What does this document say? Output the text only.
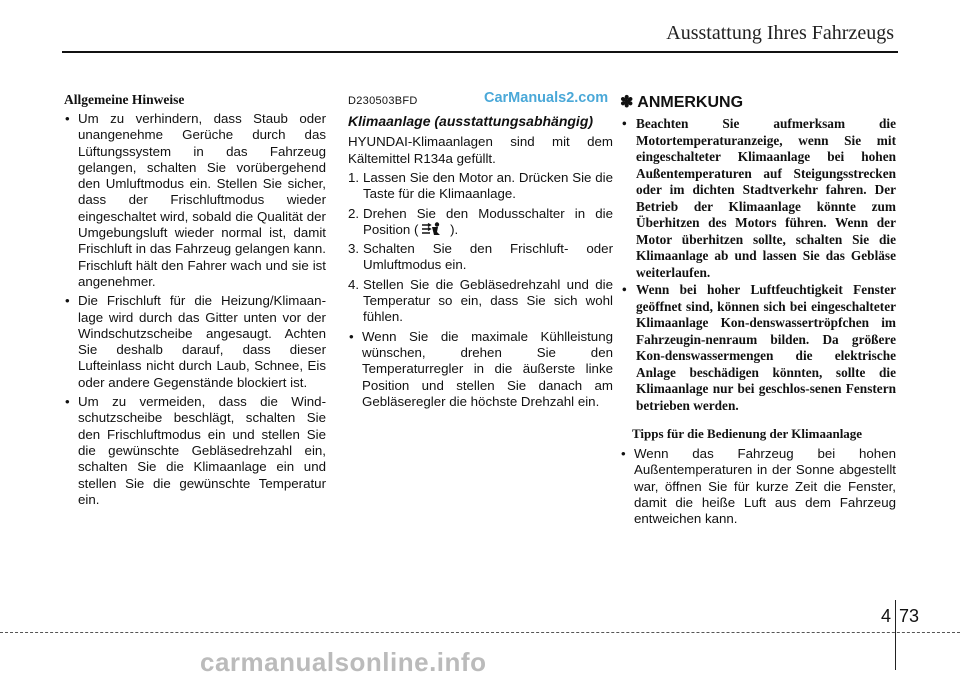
Ausstattung Ihres Fahrzeugs
Allgemeine Hinweise
• Um zu verhindern, dass Staub oder unangenehme Gerüche durch das Lüftungssystem in das Fahrzeug gelangen, schalten Sie vorübergehend den Umluftmodus ein. Stellen Sie sicher, dass der Frischluftmodus wieder eingeschaltet wird, sobald die Qualität der Umgebungsluft wieder normal ist, damit Frischluft in das Fahrzeug gelangen kann. Frischluft hält den Fahrer wach und sie ist angenehmer.
• Die Frischluft für die Heizung/Klimaan-lage wird durch das Gitter unten vor der Windschutzscheibe angesaugt. Achten Sie deshalb darauf, dass dieser Lufteinlass nicht durch Laub, Schnee, Eis oder andere Gegenstände blockiert ist.
• Um zu vermeiden, dass die Wind-schutzscheibe beschlägt, schalten Sie den Frischluftmodus ein und stellen Sie die gewünschte Gebläsedrehzahl ein, schalten Sie die Klimaanlage ein und stellen Sie die gewünschte Temperatur ein.
D230503BFD	CarManuals2.com
Klimaanlage (ausstattungsabhängig)

HYUNDAI-Klimaanlagen sind mit dem Kältemittel R134a gefüllt.

1. Lassen Sie den Motor an. Drücken Sie die Taste für die Klimaanlage.
2. Drehen Sie den Modusschalter in die Position ( ).
3. Schalten Sie den Frischluft- oder Umluftmodus ein.
4. Stellen Sie die Gebläsedrehzahl und die Temperatur so ein, dass Sie sich wohl fühlen.
• Wenn Sie die maximale Kühlleistung wünschen, drehen Sie den Temperaturregler in die äußerste linke Position und stellen Sie danach am Gebläseregler die höchste Drehzahl ein.
✽ ANMERKUNG
• Beachten Sie aufmerksam die Motortemperaturanzeige, wenn Sie mit eingeschalteter Klimaanlage bei hohen Außentemperaturen auf Steigungsstrecken oder im dichten Stadtverkehr fahren. Der Betrieb der Klimaanlage könnte zum Überhitzen des Motors führen. Wenn der Motor überhitzen sollte, schalten Sie die Klimaanlage ab und lassen Sie das Gebläse weiterlaufen.
• Wenn bei hoher Luftfeuchtigkeit Fenster geöffnet sind, können sich bei eingeschalteter Klimaanlage Kon-denswassertröpfchen im Fahrzeugin-nenraum bilden. Da größere Kon-denswassermengen die elektrische Anlage beschädigen könnten, sollte die Klimaanlage nur bei geschlos-senen Fenstern betrieben werden.
Tipps für die Bedienung der Klimaanlage
• Wenn das Fahrzeug bei hohen Außentemperaturen in der Sonne abgestellt war, öffnen Sie für kurze Zeit die Fenster, damit die heiße Luft aus dem Fahrzeug entweichen kann.
4 73
carmanualsonline.info
